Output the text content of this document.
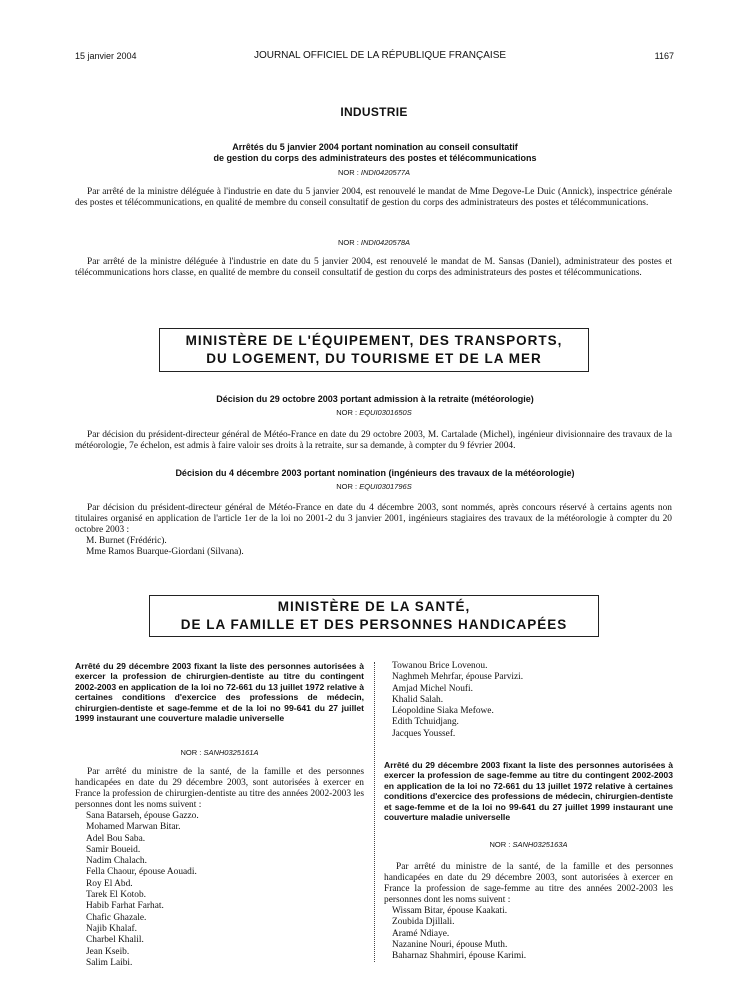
15 janvier 2004	JOURNAL OFFICIEL DE LA RÉPUBLIQUE FRANÇAISE	1167
INDUSTRIE
Arrêtés du 5 janvier 2004 portant nomination au conseil consultatif
de gestion du corps des administrateurs des postes et télécommunications
NOR : INDI0420577A

Par arrêté de la ministre déléguée à l'industrie en date du 5 janvier 2004, est renouvelé le mandat de Mme Degove-Le Duic (Annick), inspectrice générale des postes et télécommunications, en qualité de membre du conseil consultatif de gestion du corps des administrateurs des postes et télécommunications.

NOR : INDI0420578A

Par arrêté de la ministre déléguée à l'industrie en date du 5 janvier 2004, est renouvelé le mandat de M. Sansas (Daniel), administrateur des postes et télécommunications hors classe, en qualité de membre du conseil consultatif de gestion du corps des administrateurs des postes et télécommunications.

MINISTÈRE DE L'ÉQUIPEMENT, DES TRANSPORTS,
DU LOGEMENT, DU TOURISME ET DE LA MER
Décision du 29 octobre 2003 portant admission à la retraite (météorologie)
NOR : EQUI0301650S

Par décision du président-directeur général de Météo-France en date du 29 octobre 2003, M. Cartalade (Michel), ingénieur divisionnaire des travaux de la météorologie, 7e échelon, est admis à faire valoir ses droits à la retraite, sur sa demande, à compter du 9 février 2004.

Décision du 4 décembre 2003 portant nomination (ingénieurs des travaux de la météorologie)
NOR : EQUI0301796S

Par décision du président-directeur général de Météo-France en date du 4 décembre 2003, sont nommés, après concours réservé à certains agents non titulaires organisé en application de l'article 1er de la loi no 2001-2 du 3 janvier 2001, ingénieurs stagiaires des travaux de la météorologie à compter du 20 octobre 2003 :

M. Burnet (Frédéric).
Mme Ramos Buarque-Giordani (Silvana).
MINISTÈRE DE LA SANTÉ,
DE LA FAMILLE ET DES PERSONNES HANDICAPÉES
Arrêté du 29 décembre 2003 fixant la liste des personnes autorisées à exercer la profession de chirurgien-dentiste au titre du contingent 2002-2003 en application de la loi no 72-661 du 13 juillet 1972 relative à certaines conditions d'exercice des professions de médecin, chirurgien-dentiste et sage-femme et de la loi no 99-641 du 27 juillet 1999 instaurant une couverture maladie universelle
NOR : SANH0325161A

Par arrêté du ministre de la santé, de la famille et des personnes handicapées en date du 29 décembre 2003, sont autorisées à exercer en France la profession de chirurgien-dentiste au titre des années 2002-2003 les personnes dont les noms suivent :

Sana Batarseh, épouse Gazzo.
Mohamed Marwan Bitar.
Adel Bou Saba.
Samir Boueid.
Nadim Chalach.
Fella Chaour, épouse Aouadi.
Roy El Abd.
Tarek El Kotob.
Habib Farhat Farhat.
Chafic Ghazale.
Najib Khalaf.
Charbel Khalil.
Jean Kseib.
Salim Laibi.
Towanou Brice Lovenou.
Naghmeh Mehrfar, épouse Parvizi.
Amjad Michel Noufi.
Khalid Salah.
Léopoldine Siaka Mefowe.
Edith Tchuidjang.
Jacques Youssef.
Arrêté du 29 décembre 2003 fixant la liste des personnes autorisées à exercer la profession de sage-femme au titre du contingent 2002-2003 en application de la loi no 72-661 du 13 juillet 1972 relative à certaines conditions d'exercice des professions de médecin, chirurgien-dentiste et sage-femme et de la loi no 99-641 du 27 juillet 1999 instaurant une couverture maladie universelle
NOR : SANH0325163A

Par arrêté du ministre de la santé, de la famille et des personnes handicapées en date du 29 décembre 2003, sont autorisées à exercer en France la profession de sage-femme au titre des années 2002-2003 les personnes dont les noms suivent :

Wissam Bitar, épouse Kaakati.
Zoubida Djillali.
Aramé Ndiaye.
Nazanine Nouri, épouse Muth.
Baharnaz Shahmiri, épouse Karimi.
